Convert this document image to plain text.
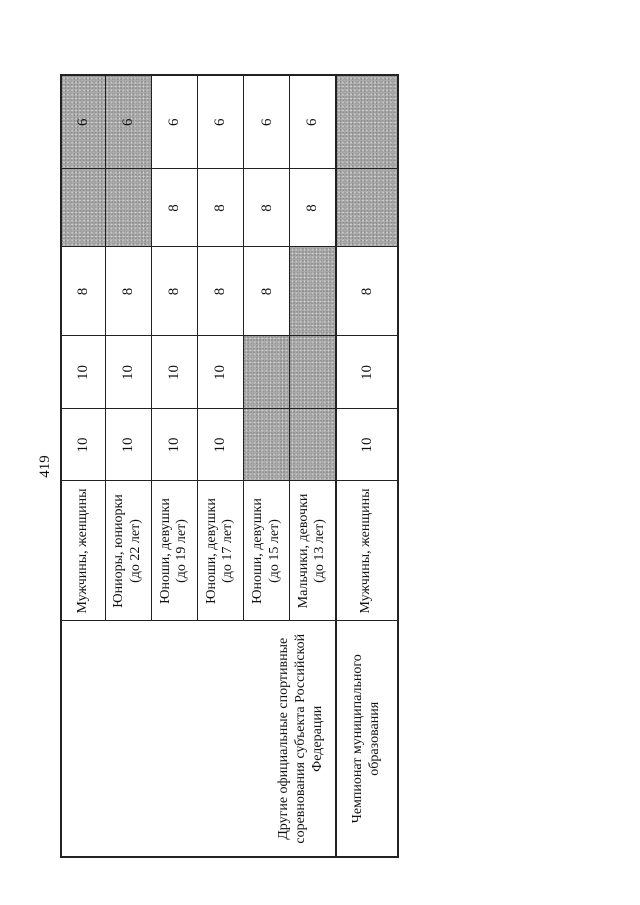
419
Другие официальные спортивные соревнования субъекта Российской Федерации	Мужчины, женщины	10	10	8		6
	Юниоры, юниорки (до 22 лет)	10	10	8		6
	Юноши, девушки (до 19 лет)	10	10	8	8	6
	Юноши, девушки (до 17 лет)	10	10	8	8	6
	Юноши, девушки (до 15 лет)			8	8	6
	Мальчики, девочки (до 13 лет)				8	6
Чемпионат муниципального образования	Мужчины, женщины	10	10	8		
